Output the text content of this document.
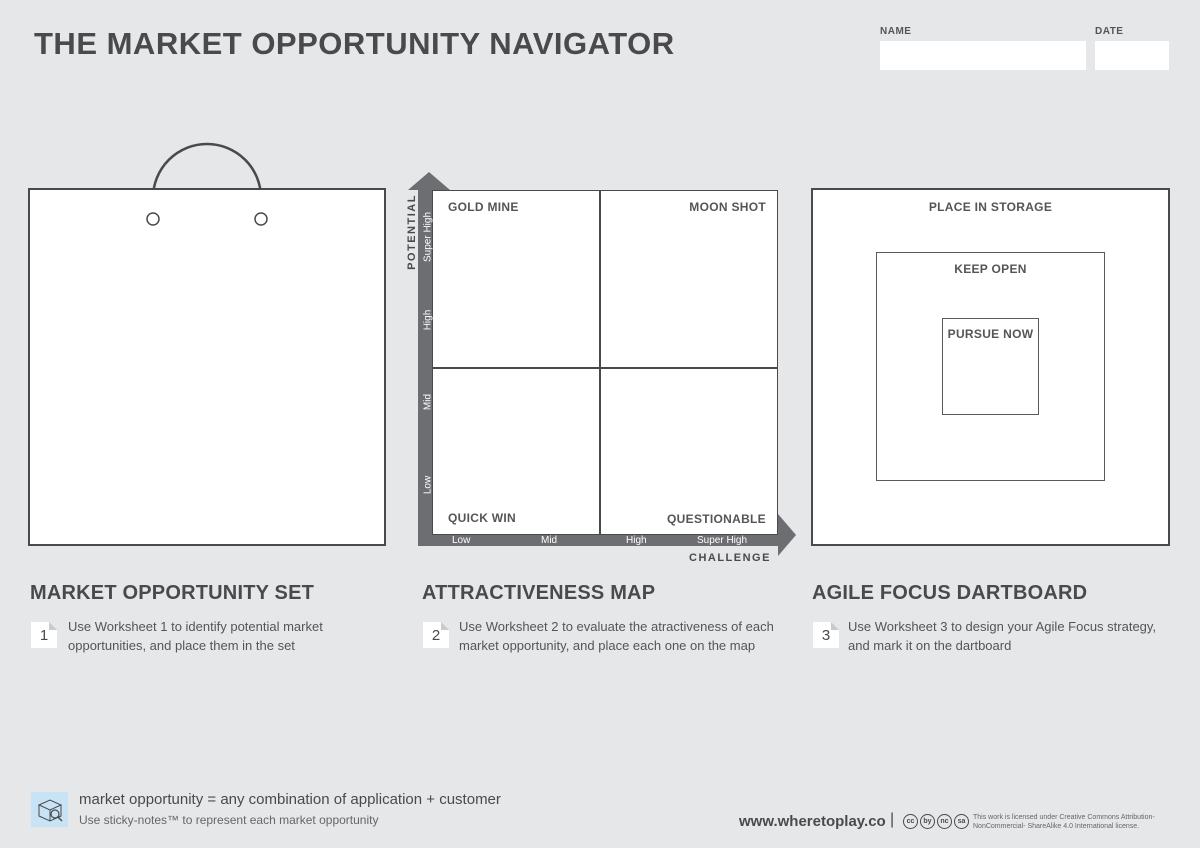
THE MARKET OPPORTUNITY NAVIGATOR	NAME	DATE
GOLD MINE	MOON SHOT
QUICK WIN	QUESTIONABLE
Low
Mid
High
Super High
POTENTIAL
Low	Mid	High	Super High
CHALLENGE
PLACE IN STORAGE
KEEP OPEN
PURSUE NOW
MARKET OPPORTUNITY SET
1	Use Worksheet 1 to identify potential market opportunities, and place them in the set
ATTRACTIVENESS MAP
2	Use Worksheet 2 to evaluate the atractiveness of each market opportunity, and place each one on the map
AGILE FOCUS DARTBOARD
3	Use Worksheet 3 to design your Agile Focus strategy, and mark it on the dartboard
market opportunity = any combination of application + customer
Use sticky-notes™ to represent each market opportunity	www.wheretoplay.co |	cc	by	nc	sa
This work is licensed under Creative Commons Attribution-NonCommercial- ShareAlike 4.0 International license.
